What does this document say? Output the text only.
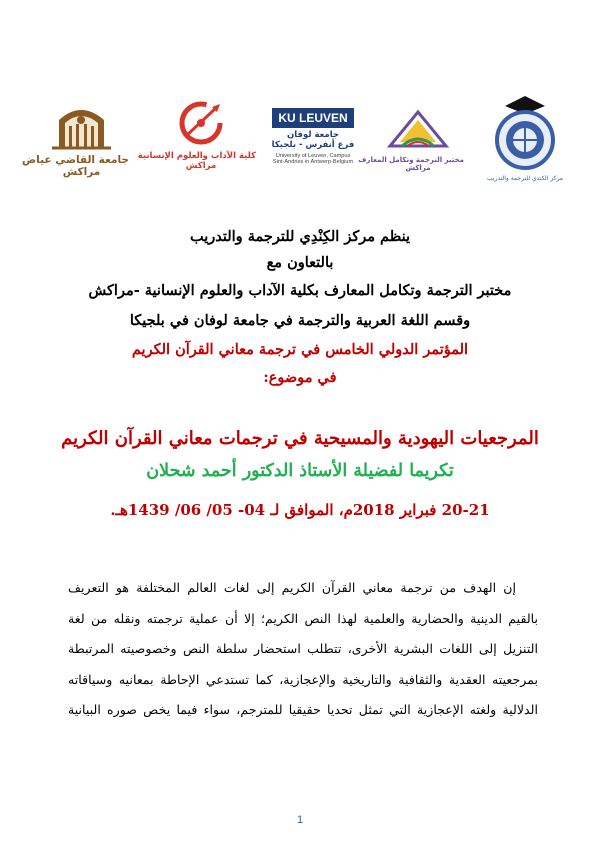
جامعة القاضي عياض
مراكش
كلية الآداب والعلوم الإنسانية
مراكش
KU LEUVEN
جامعة لوفان
فرع أنفرس - بلجيكا
University of Leuven, Campus
Sint-Andries in Antwerp-Belgium مختبر الترجمة وتكامل المعارف
مراكش
مركز الكندي للترجمة والتدريب
ينظم مركز الكِنْدِي للترجمة والتدريب
بالتعاون مع
مختبر الترجمة وتكامل المعارف بكلية الآداب والعلوم الإنسانية -مراكش
وقسم اللغة العربية والترجمة في جامعة لوفان في بلجيكا
المؤتمر الدولي الخامس في ترجمة معاني القرآن الكريم
في موضوع:
المرجعيات اليهودية والمسيحية في ترجمات معاني القرآن الكريم
تكريما لفضيلة الأستاذ الدكتور أحمد شحلان
20-21 فبراير 2018م، الموافق لـ 04- 05/ 06/ 1439هـ.
إن الهدف من ترجمة معاني القرآن الكريم إلى لغات العالم المختلفة هو التعريف
بالقيم الدينية والحضارية والعلمية لهذا النص الكريم؛ إلا أن عملية ترجمته ونقله من لغة
التنزيل إلى اللغات البشرية الأخرى، تتطلب استحضار سلطة النص وخصوصيته المرتبطة
بمرجعيته العقدية والثقافية والتاريخية والإعجازية، كما تستدعي الإحاطة بمعانيه وسياقاته
الدلالية ولغته الإعجازية التي تمثل تحديا حقيقيا للمترجم، سواء فيما يخص صوره البيانية
1
